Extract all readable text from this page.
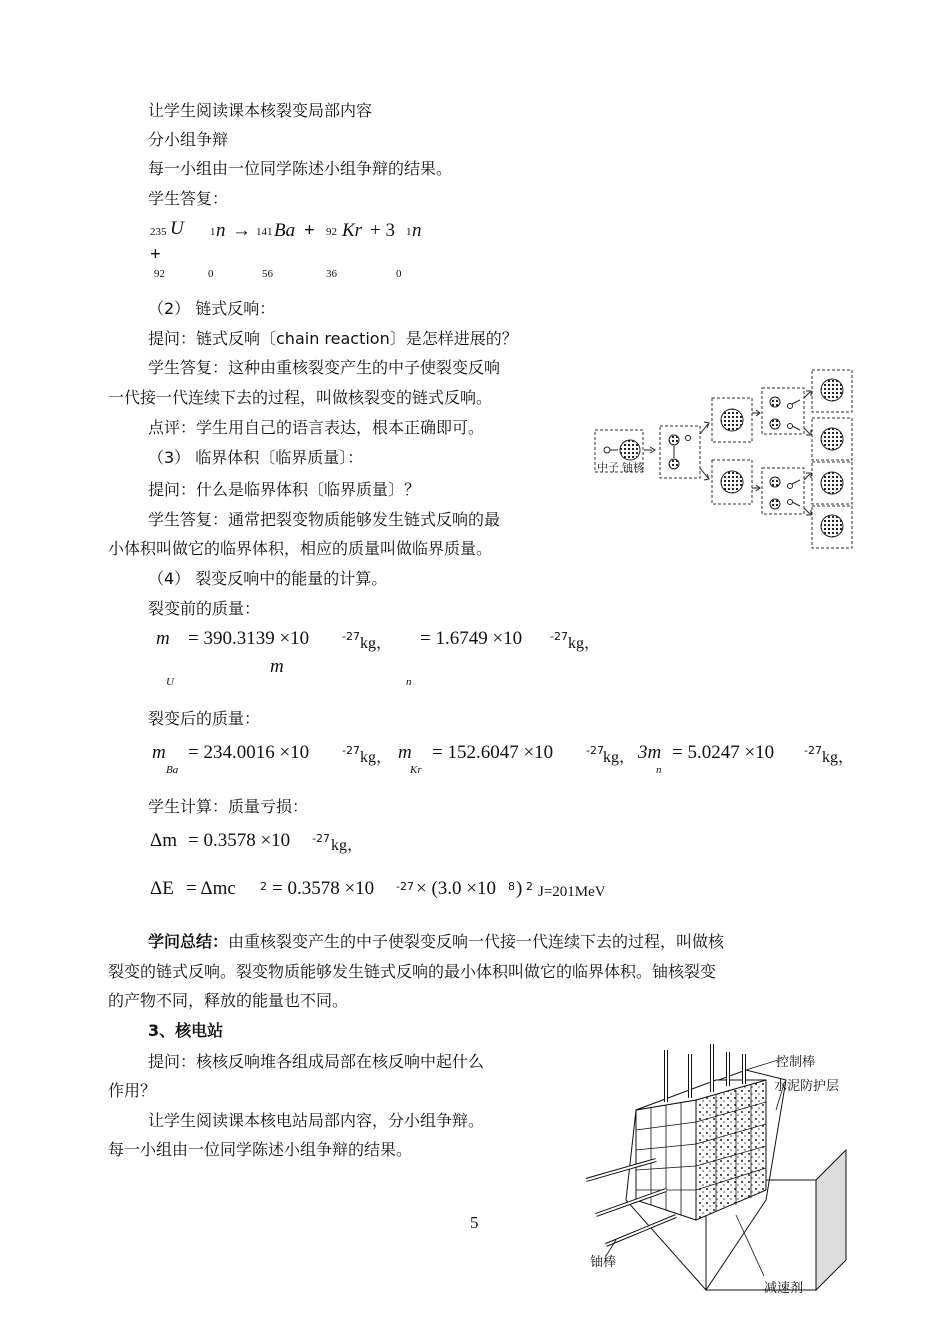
让学生阅读课本核裂变局部内容
分小组争辩
每一小组由一位同学陈述小组争辩的结果。
学生答复：
235 U
92
+
1 n
0
→ 141 Ba
56
+ 92 Kr
36
+ 3 1 n
0
（2） 链式反响：
提问：链式反响〔chain reaction〕是怎样进展的？
学生答复：这种由重核裂变产生的中子使裂变反响
一代接一代连续下去的过程，叫做核裂变的链式反响。
点评：学生用自己的语言表达，根本正确即可。
（3） 临界体积〔临界质量〕：
提问：什么是临界体积〔临界质量〕？
学生答复：通常把裂变物质能够发生链式反响的最
小体积叫做它的临界体积，相应的质量叫做临界质量。
（4） 裂变反响中的能量的计算。
裂变前的质量：
中子 铀核
m = 390.3139 ×10	-27 kg，
m
= 1.6749 ×10	-27 kg，
U	n
裂变后的质量：
m
Ba
= 234.0016 ×10	-27 kg， m
Kr
= 152.6047 ×10	-27 kg， 3m
n
= 5.0247 ×10	-27 kg，
学生计算：质量亏损：
Δm = 0.3578 ×10 -27 kg，
ΔE = Δmc 2 = 0.3578 ×10 -27 × (3.0 ×10 8 ) 2 J=201MeV
学问总结：由重核裂变产生的中子使裂变反响一代接一代连续下去的过程，叫做核
裂变的链式反响。裂变物质能够发生链式反响的最小体积叫做它的临界体积。铀核裂变
的产物不同，释放的能量也不同。
3、核电站
提问：核核反响堆各组成局部在核反响中起什么
作用？
让学生阅读课本核电站局部内容，分小组争辩。
每一小组由一位同学陈述小组争辩的结果。
控制棒
水泥防护层
铀棒
减速剂
5
